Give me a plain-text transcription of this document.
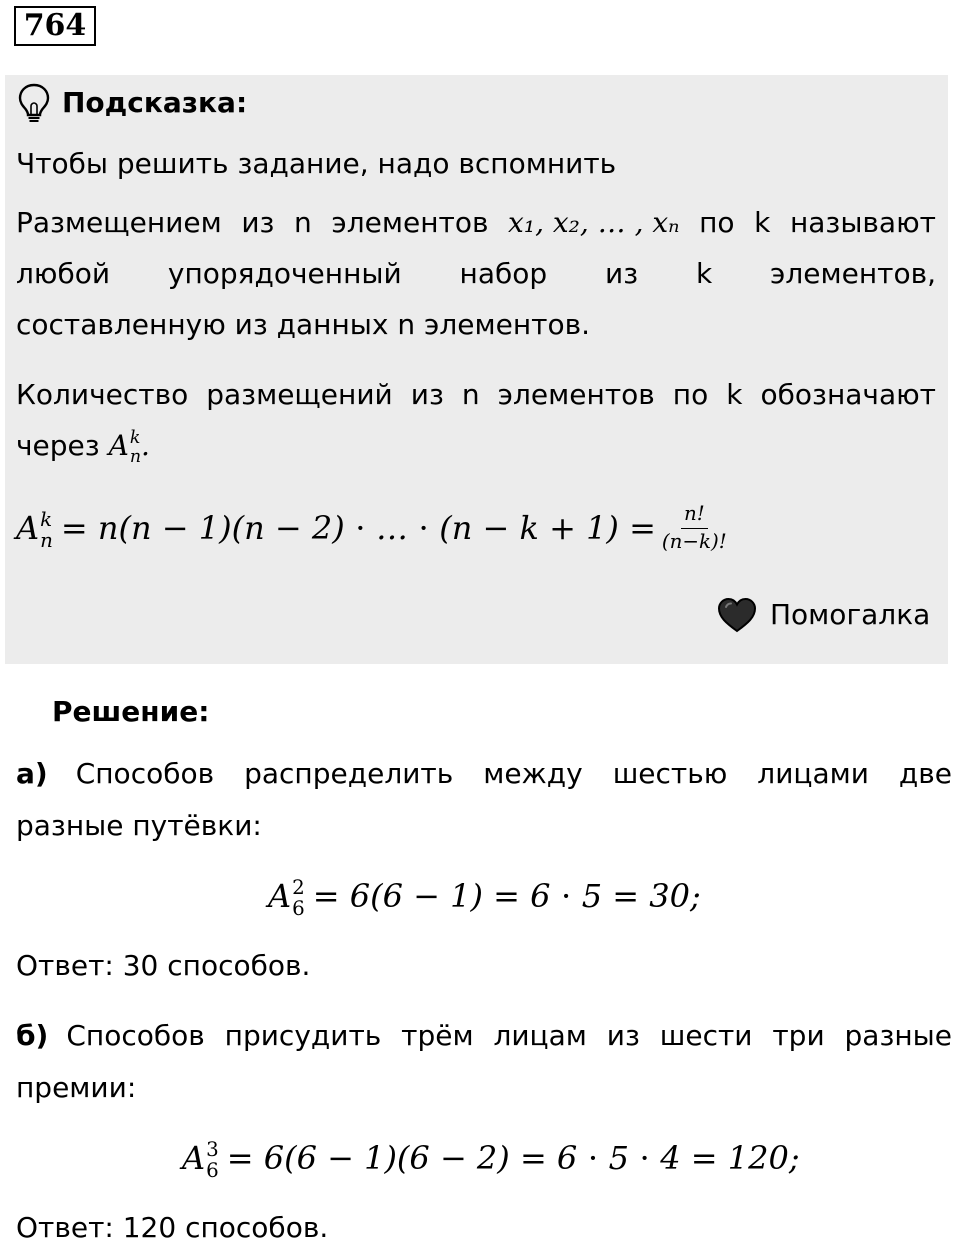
764
Подсказка:
Чтобы решить задание, надо вспомнить
Размещением из n элементов x₁, x₂, … , xₙ по k называют
любой упорядоченный набор из k элементов,
составленную из данных n элементов.
Количество размещений из n элементов по k обозначают
через A k
n .
A k
n = n(n − 1)(n − 2) ⋅ … ⋅ $(n - k + 1) = \frac{n!}{(n-k)!}$
Помогалка
Решение:
а) Способов распределить между шестью лицами две
разные путёвки:
A 2
6 = 6(6 − 1) = 6 ⋅ 5 = 30;
Ответ: 30 способов.
б) Способов присудить трём лицам из шести три разные
премии:
A 3
6 = 6(6 − 1)(6 − 2) = 6 ⋅ 5 ⋅ 4 = 120;
Ответ: 120 способов.
